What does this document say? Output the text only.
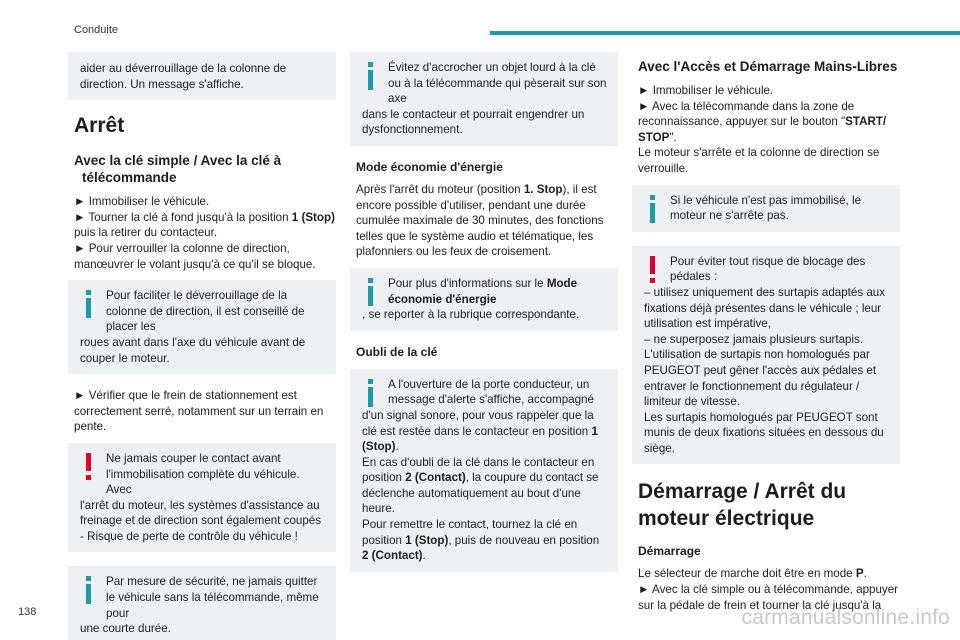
Conduite
aider au déverrouillage de la colonne de direction. Un message s'affiche.
Arrêt
Avec la clé simple / Avec la clé à
télécommande

► Immobiliser le véhicule.
► Tourner la clé à fond jusqu'à la position 1 (Stop) puis la retirer du contacteur.
► Pour verrouiller la colonne de direction, manœuvrer le volant jusqu'à ce qu'il se bloque.

Pour faciliter le déverrouillage de la colonne de direction, il est conseillé de placer les
roues avant dans l'axe du véhicule avant de couper le moteur.

► Vérifier que le frein de stationnement est correctement serré, notamment sur un terrain en pente.

Ne jamais couper le contact avant l'immobilisation complète du véhicule. Avec
l'arrêt du moteur, les systèmes d'assistance au freinage et de direction sont également coupés - Risque de perte de contrôle du véhicule !
Par mesure de sécurité, ne jamais quitter le véhicule sans la télécommande, même pour
une courte durée.
Évitez d'accrocher un objet lourd à la clé ou à la télécommande qui pèserait sur son axe
dans le contacteur et pourrait engendrer un dysfonctionnement.
Mode économie d'énergie

Après l'arrêt du moteur (position 1. Stop), il est encore possible d'utiliser, pendant une durée cumulée maximale de 30 minutes, des fonctions telles que le système audio et télématique, les plafonniers ou les feux de croisement.

Pour plus d'informations sur le Mode économie d'énergie
, se reporter à la rubrique correspondante.
Oubli de la clé
A l'ouverture de la porte conducteur, un message d'alerte s'affiche, accompagné
d'un signal sonore, pour vous rappeler que la clé est restée dans le contacteur en position 1 (Stop).
En cas d'oubli de la clé dans le contacteur en position 2 (Contact), la coupure du contact se déclenche automatiquement au bout d'une heure.
Pour remettre le contact, tournez la clé en position 1 (Stop), puis de nouveau en position 2 (Contact).
Avec l'Accès et Démarrage Mains-Libres

► Immobiliser le véhicule.
► Avec la télécommande dans la zone de reconnaissance, appuyer sur le bouton "START/ STOP".
Le moteur s'arrête et la colonne de direction se verrouille.

Si le véhicule n'est pas immobilisé, le moteur ne s'arrête pas.
Pour éviter tout risque de blocage des pédales :
– utilisez uniquement des surtapis adaptés aux fixations déjà présentes dans le véhicule ; leur utilisation est impérative,
– ne superposez jamais plusieurs surtapis.
L'utilisation de surtapis non homologués par PEUGEOT peut gêner l'accès aux pédales et entraver le fonctionnement du régulateur / limiteur de vitesse.
Les surtapis homologués par PEUGEOT sont munis de deux fixations situées en dessous du siège.
Démarrage / Arrêt du moteur électrique
Démarrage

Le sélecteur de marche doit être en mode P.
► Avec la clé simple ou à télécommande, appuyer sur la pédale de frein et tourner la clé jusqu'à la

138	carmanualsonline.info
